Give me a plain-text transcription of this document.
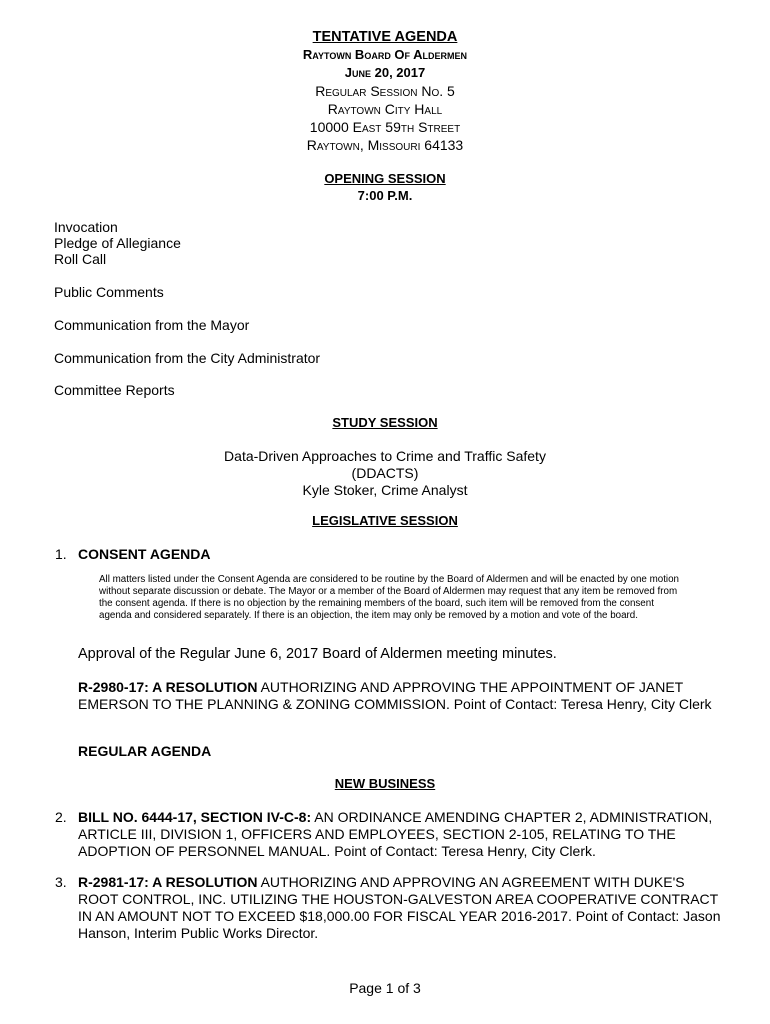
TENTATIVE AGENDA
Raytown Board Of Aldermen
June 20, 2017
Regular Session No. 5
Raytown City Hall
10000 East 59th Street
Raytown, Missouri 64133
OPENING SESSION
7:00 P.M.
Invocation
Pledge of Allegiance
Roll Call
Public Comments
Communication from the Mayor
Communication from the City Administrator
Committee Reports
STUDY SESSION
Data-Driven Approaches to Crime and Traffic Safety
(DDACTS)
Kyle Stoker, Crime Analyst
LEGISLATIVE SESSION
1. CONSENT AGENDA
All matters listed under the Consent Agenda are considered to be routine by the Board of Aldermen and will be enacted by one motion without separate discussion or debate. The Mayor or a member of the Board of Aldermen may request that any item be removed from the consent agenda. If there is no objection by the remaining members of the board, such item will be removed from the consent agenda and considered separately. If there is an objection, the item may only be removed by a motion and vote of the board.
Approval of the Regular June 6, 2017 Board of Aldermen meeting minutes.
R-2980-17: A RESOLUTION AUTHORIZING AND APPROVING THE APPOINTMENT OF JANET EMERSON TO THE PLANNING & ZONING COMMISSION. Point of Contact: Teresa Henry, City Clerk
REGULAR AGENDA
NEW BUSINESS
2. BILL NO. 6444-17, SECTION IV-C-8: AN ORDINANCE AMENDING CHAPTER 2, ADMINISTRATION, ARTICLE III, DIVISION 1, OFFICERS AND EMPLOYEES, SECTION 2-105, RELATING TO THE ADOPTION OF PERSONNEL MANUAL. Point of Contact: Teresa Henry, City Clerk.
3. R-2981-17: A RESOLUTION AUTHORIZING AND APPROVING AN AGREEMENT WITH DUKE'S ROOT CONTROL, INC. UTILIZING THE HOUSTON-GALVESTON AREA COOPERATIVE CONTRACT IN AN AMOUNT NOT TO EXCEED $18,000.00 FOR FISCAL YEAR 2016-2017. Point of Contact: Jason Hanson, Interim Public Works Director.
Page 1 of 3
